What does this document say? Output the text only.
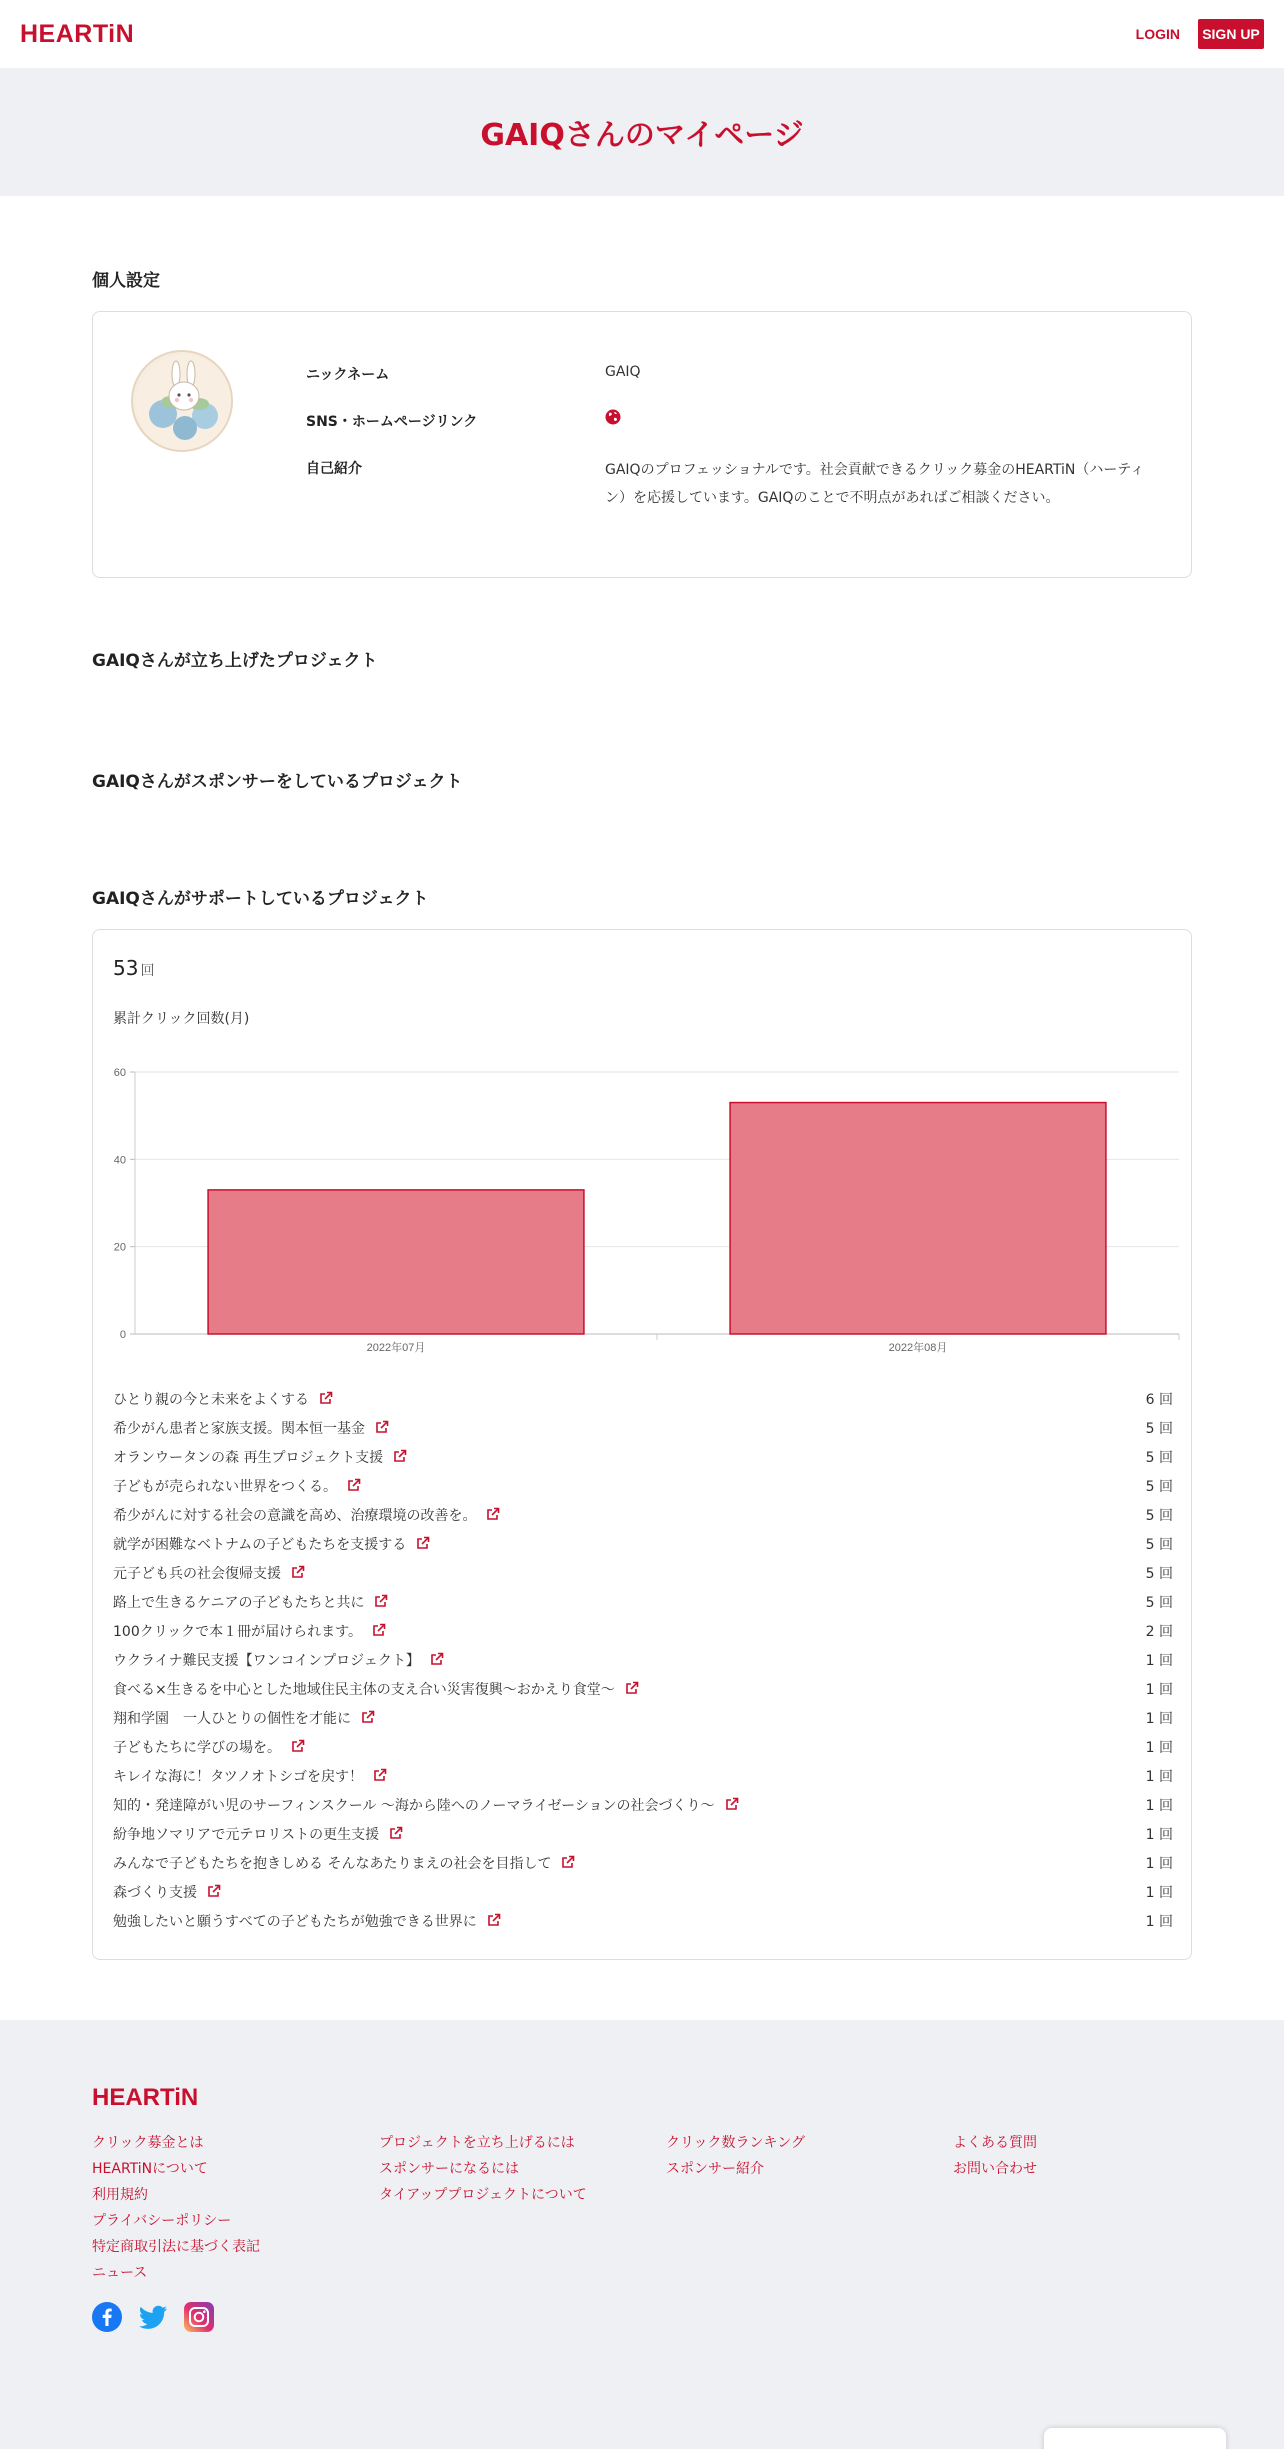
HEARTiN	LOGIN	SIGN UP
GAIQさんのマイページ
個人設定
ニックネーム	GAIQ
SNS・ホームページリンク
自己紹介	GAIQのプロフェッショナルです。社会貢献できるクリック募金のHEARTiN（ハーティン）を応援しています。GAIQのことで不明点があればご相談ください。
GAIQさんが立ち上げたプロジェクト
GAIQさんがスポンサーをしているプロジェクト
GAIQさんがサポートしているプロジェクト
53 回
累計クリック回数(月)
0
20
40
60
2022年07月	2022年08月
ひとり親の今と未来をよくする	6 回
希少がん患者と家族支援。関本恒一基金	5 回
オランウータンの森 再生プロジェクト支援	5 回
子どもが売られない世界をつくる。	5 回
希少がんに対する社会の意識を高め、治療環境の改善を。	5 回
就学が困難なベトナムの子どもたちを支援する	5 回
元子ども兵の社会復帰支援	5 回
路上で生きるケニアの子どもたちと共に	5 回
100クリックで本１冊が届けられます。	2 回
ウクライナ難民支援【ワンコインプロジェクト】	1 回
食べる×生きるを中心とした地域住民主体の支え合い災害復興～おかえり食堂～	1 回
翔和学園　一人ひとりの個性を才能に	1 回
子どもたちに学びの場を。	1 回
キレイな海に！タツノオトシゴを戻す！	1 回
知的・発達障がい児のサーフィンスクール ～海から陸へのノーマライゼーションの社会づくり～	1 回
紛争地ソマリアで元テロリストの更生支援	1 回
みんなで子どもたちを抱きしめる そんなあたりまえの社会を目指して	1 回
森づくり支援	1 回
勉強したいと願うすべての子どもたちが勉強できる世界に	1 回
HEARTiN
クリック募金とは
HEARTiNについて
利用規約
プライバシーポリシー
特定商取引法に基づく表記
ニュース
プロジェクトを立ち上げるには
スポンサーになるには
タイアッププロジェクトについて
クリック数ランキング
スポンサー紹介
よくある質問
お問い合わせ
